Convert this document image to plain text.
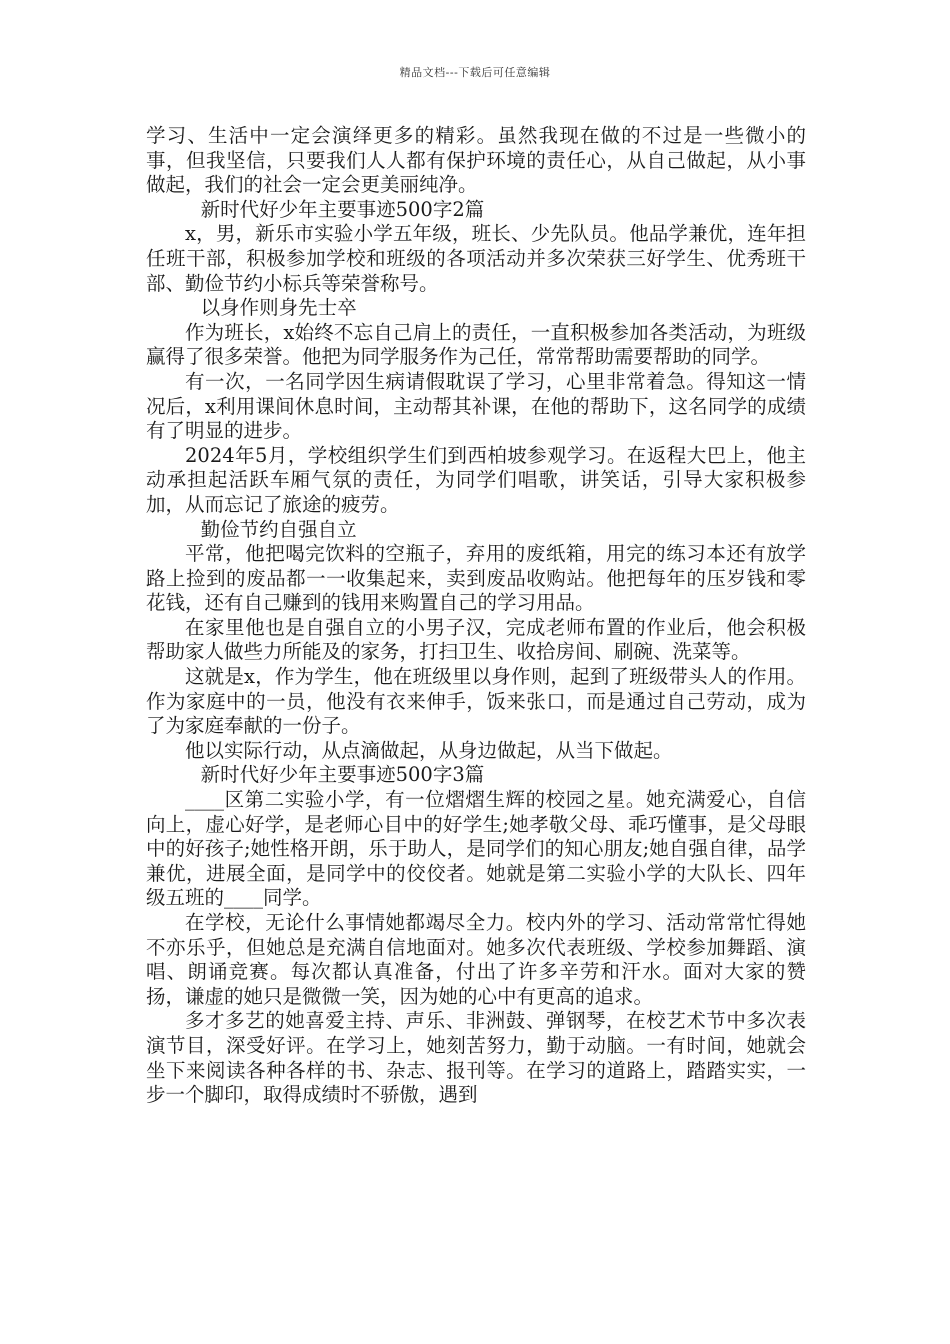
精品文档---下载后可任意编辑

学习、生活中一定会演绎更多的精彩。虽然我现在做的不过是一些微小的事，但我坚信，只要我们人人都有保护环境的责任心，从自己做起，从小事做起，我们的社会一定会更美丽纯净。

新时代好少年主要事迹500字2篇

x，男，新乐市实验小学五年级，班长、少先队员。他品学兼优，连年担任班干部，积极参加学校和班级的各项活动并多次荣获三好学生、优秀班干部、勤俭节约小标兵等荣誉称号。

以身作则身先士卒

作为班长，x始终不忘自己肩上的责任，一直积极参加各类活动，为班级赢得了很多荣誉。他把为同学服务作为己任，常常帮助需要帮助的同学。

有一次，一名同学因生病请假耽误了学习，心里非常着急。得知这一情况后，x利用课间休息时间，主动帮其补课，在他的帮助下，这名同学的成绩有了明显的进步。

2024年5月，学校组织学生们到西柏坡参观学习。在返程大巴上，他主动承担起活跃车厢气氛的责任，为同学们唱歌，讲笑话，引导大家积极参加，从而忘记了旅途的疲劳。

勤俭节约自强自立

平常，他把喝完饮料的空瓶子，弃用的废纸箱，用完的练习本还有放学路上捡到的废品都一一收集起来，卖到废品收购站。他把每年的压岁钱和零花钱，还有自己赚到的钱用来购置自己的学习用品。

在家里他也是自强自立的小男子汉，完成老师布置的作业后，他会积极帮助家人做些力所能及的家务，打扫卫生、收拾房间、刷碗、洗菜等。

这就是x，作为学生，他在班级里以身作则，起到了班级带头人的作用。作为家庭中的一员，他没有衣来伸手，饭来张口，而是通过自己劳动，成为了为家庭奉献的一份子。

他以实际行动，从点滴做起，从身边做起，从当下做起。

新时代好少年主要事迹500字3篇

____区第二实验小学，有一位熠熠生辉的校园之星。她充满爱心，自信向上，虚心好学，是老师心目中的好学生;她孝敬父母、乖巧懂事，是父母眼中的好孩子;她性格开朗，乐于助人，是同学们的知心朋友;她自强自律，品学兼优，进展全面，是同学中的佼佼者。她就是第二实验小学的大队长、四年级五班的____同学。

在学校，无论什么事情她都竭尽全力。校内外的学习、活动常常忙得她不亦乐乎，但她总是充满自信地面对。她多次代表班级、学校参加舞蹈、演唱、朗诵竞赛。每次都认真准备，付出了许多辛劳和汗水。面对大家的赞扬，谦虚的她只是微微一笑，因为她的心中有更高的追求。

多才多艺的她喜爱主持、声乐、非洲鼓、弹钢琴，在校艺术节中多次表演节目，深受好评。在学习上，她刻苦努力，勤于动脑。一有时间，她就会坐下来阅读各种各样的书、杂志、报刊等。在学习的道路上，踏踏实实，一步一个脚印，取得成绩时不骄傲，遇到
